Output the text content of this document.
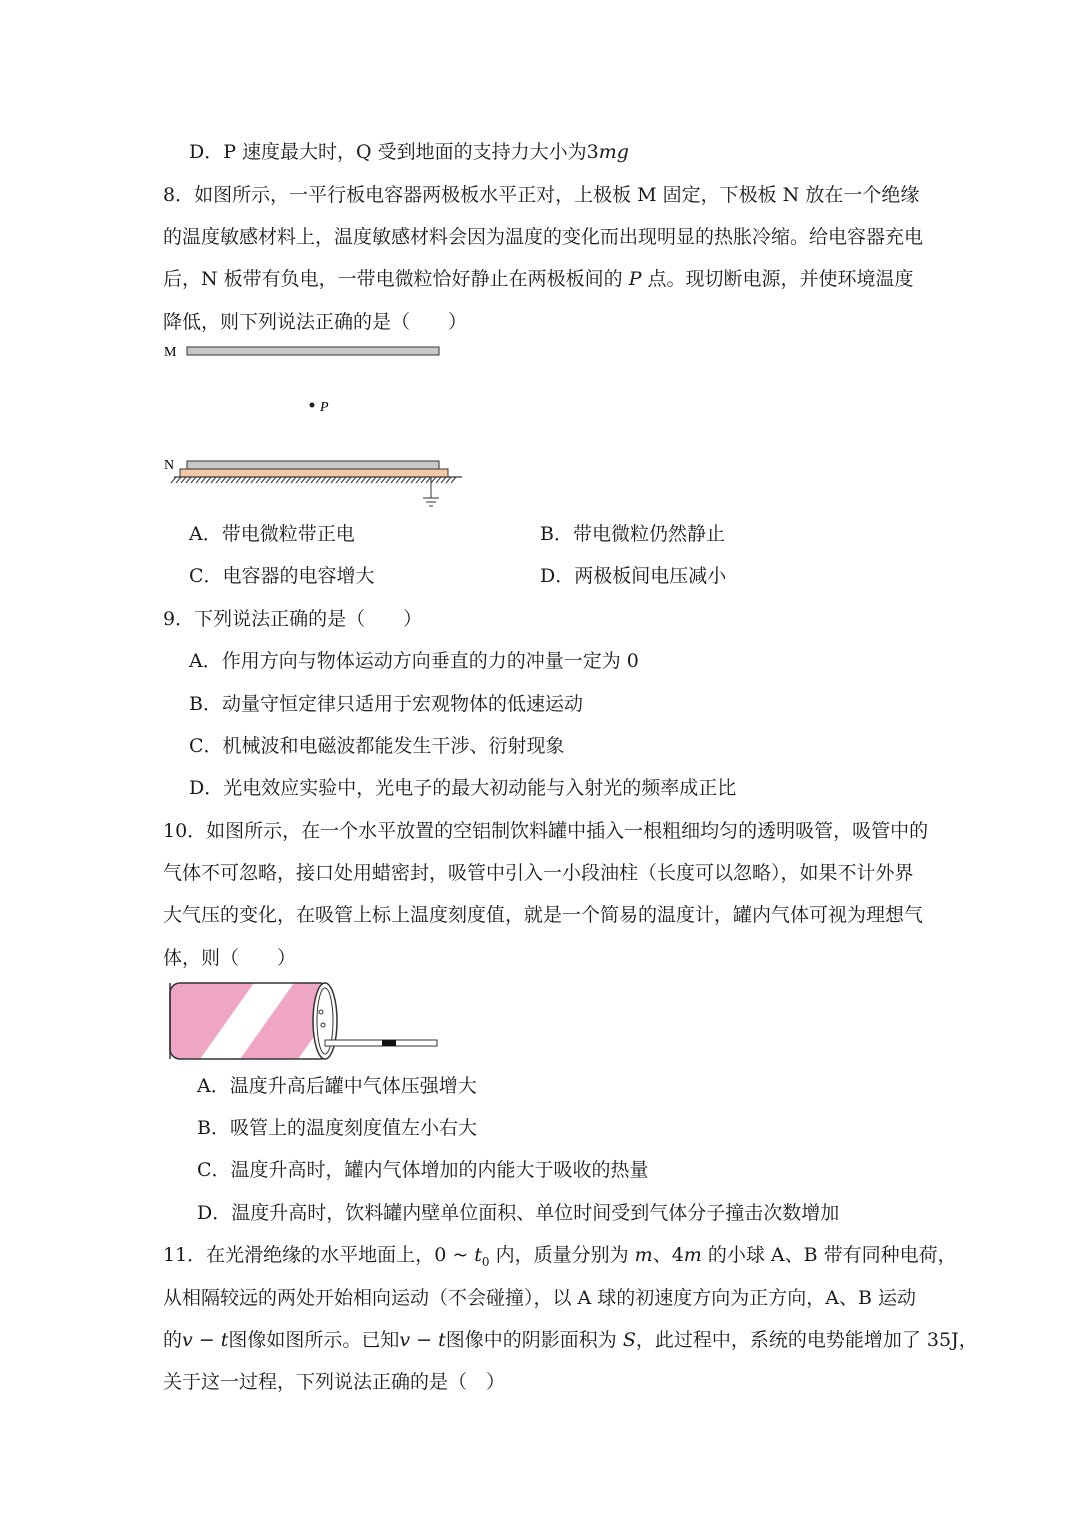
D．P 速度最大时，Q 受到地面的支持力大小为3mg
8．如图所示，一平行板电容器两极板水平正对，上极板 M 固定，下极板 N 放在一个绝缘
的温度敏感材料上，温度敏感材料会因为温度的变化而出现明显的热胀冷缩。给电容器充电
后，N 板带有负电，一带电微粒恰好静止在两极板间的 P 点。现切断电源，并使环境温度
降低，则下列说法正确的是（　　）
M
P
N
A．带电微粒带正电	B．带电微粒仍然静止
C．电容器的电容增大	D．两极板间电压减小
9．下列说法正确的是（　　）
A．作用方向与物体运动方向垂直的力的冲量一定为 0
B．动量守恒定律只适用于宏观物体的低速运动
C．机械波和电磁波都能发生干涉、衍射现象
D．光电效应实验中，光电子的最大初动能与入射光的频率成正比
10．如图所示，在一个水平放置的空铝制饮料罐中插入一根粗细均匀的透明吸管，吸管中的
气体不可忽略，接口处用蜡密封，吸管中引入一小段油柱（长度可以忽略），如果不计外界
大气压的变化，在吸管上标上温度刻度值，就是一个简易的温度计，罐内气体可视为理想气
体，则（　　）
A．温度升高后罐中气体压强增大
B．吸管上的温度刻度值左小右大
C．温度升高时，罐内气体增加的内能大于吸收的热量
D．温度升高时，饮料罐内壁单位面积、单位时间受到气体分子撞击次数增加
11．在光滑绝缘的水平地面上，0 ~ $t_0$ 内，质量分别为 m、4m 的小球 A、B 带有同种电荷，
从相隔较远的两处开始相向运动（不会碰撞），以 A 球的初速度方向为正方向，A、B 运动
的v − t图像如图所示。已知v − t图像中的阴影面积为 S，此过程中，系统的电势能增加了 35J，
关于这一过程，下列说法正确的是（　）
